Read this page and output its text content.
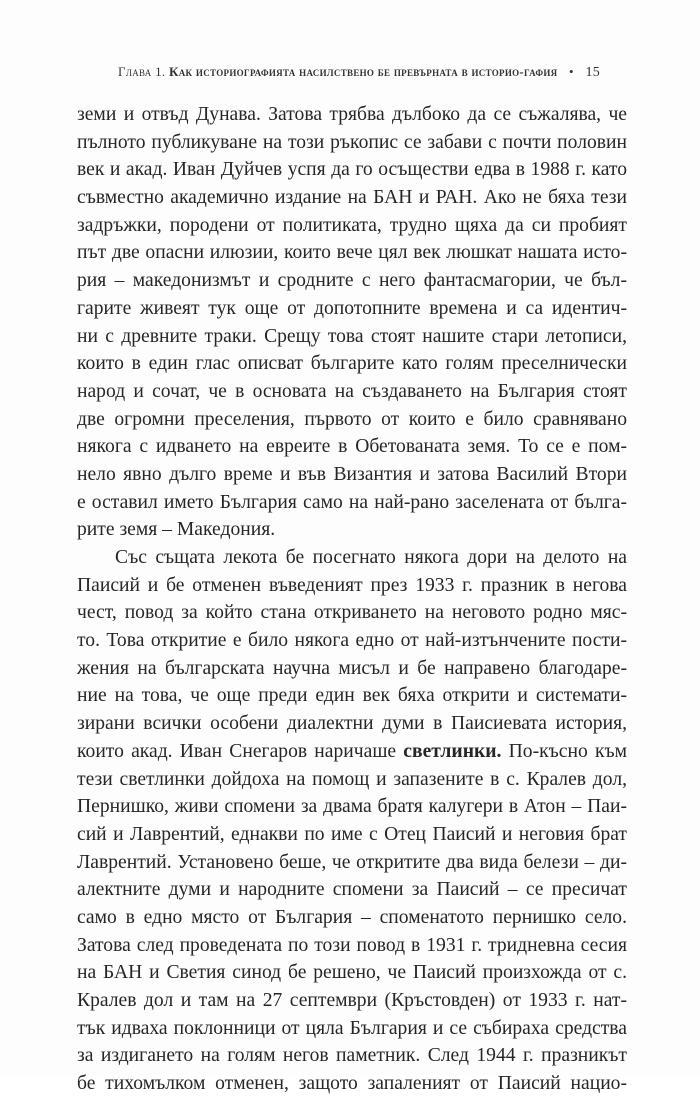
Глава 1. Как историографията насилствено бе превърната в историо-гафия • 15
земи и отвъд Дунава. Затова трябва дълбоко да се съжалява, че
пълното публикуване на този ръкопис се забави с почти половин
век и акад. Иван Дуйчев успя да го осъществи едва в 1988 г. като
съвместно академично издание на БАН и РАН. Ако не бяха тези
задръжки, породени от политиката, трудно щяха да си пробият
път две опасни илюзии, които вече цял век люшкат нашата исто-
рия – македонизмът и сродните с него фантасмагории, че бъл-
гарите живеят тук още от допотопните времена и са идентич-
ни с древните траки. Срещу това стоят нашите стари летописи,
които в един глас описват българите като голям преселнически
народ и сочат, че в основата на създаването на България стоят
две огромни преселения, първото от които е било сравнявано
някога с идването на евреите в Обетованата земя. То се е пом-
нело явно дълго време и във Византия и затова Василий Втори
е оставил името България само на най-рано заселената от бълга-
рите земя – Македония.
Със същата лекота бе посегнато някога дори на делото на
Паисий и бе отменен въведеният през 1933 г. празник в негова
чест, повод за който стана откриването на неговото родно мяс-
то. Това откритие е било някога едно от най-изтънчените пости-
жения на българската научна мисъл и бе направено благодаре-
ние на това, че още преди един век бяха открити и системати-
зирани всички особени диалектни думи в Паисиевата история,
които акад. Иван Снегаров наричаше светлинки. По-късно към
тези светлинки дойдоха на помощ и запазените в с. Кралев дол,
Пернишко, живи спомени за двама братя калугери в Атон – Паи-
сий и Лаврентий, еднакви по име с Отец Паисий и неговия брат
Лаврентий. Установено беше, че откритите два вида белези – ди-
алектните думи и народните спомени за Паисий – се пресичат
само в едно място от България – споменатото пернишко село.
Затова след проведената по този повод в 1931 г. тридневна сесия
на БАН и Светия синод бе решено, че Паисий произхожда от с.
Кралев дол и там на 27 септември (Кръстовден) от 1933 г. нат-
тък идваха поклонници от цяла България и се събираха средства
за издигането на голям негов паметник. След 1944 г. празникът
бе тихомълком отменен, защото запаленият от Паисий нацио-
